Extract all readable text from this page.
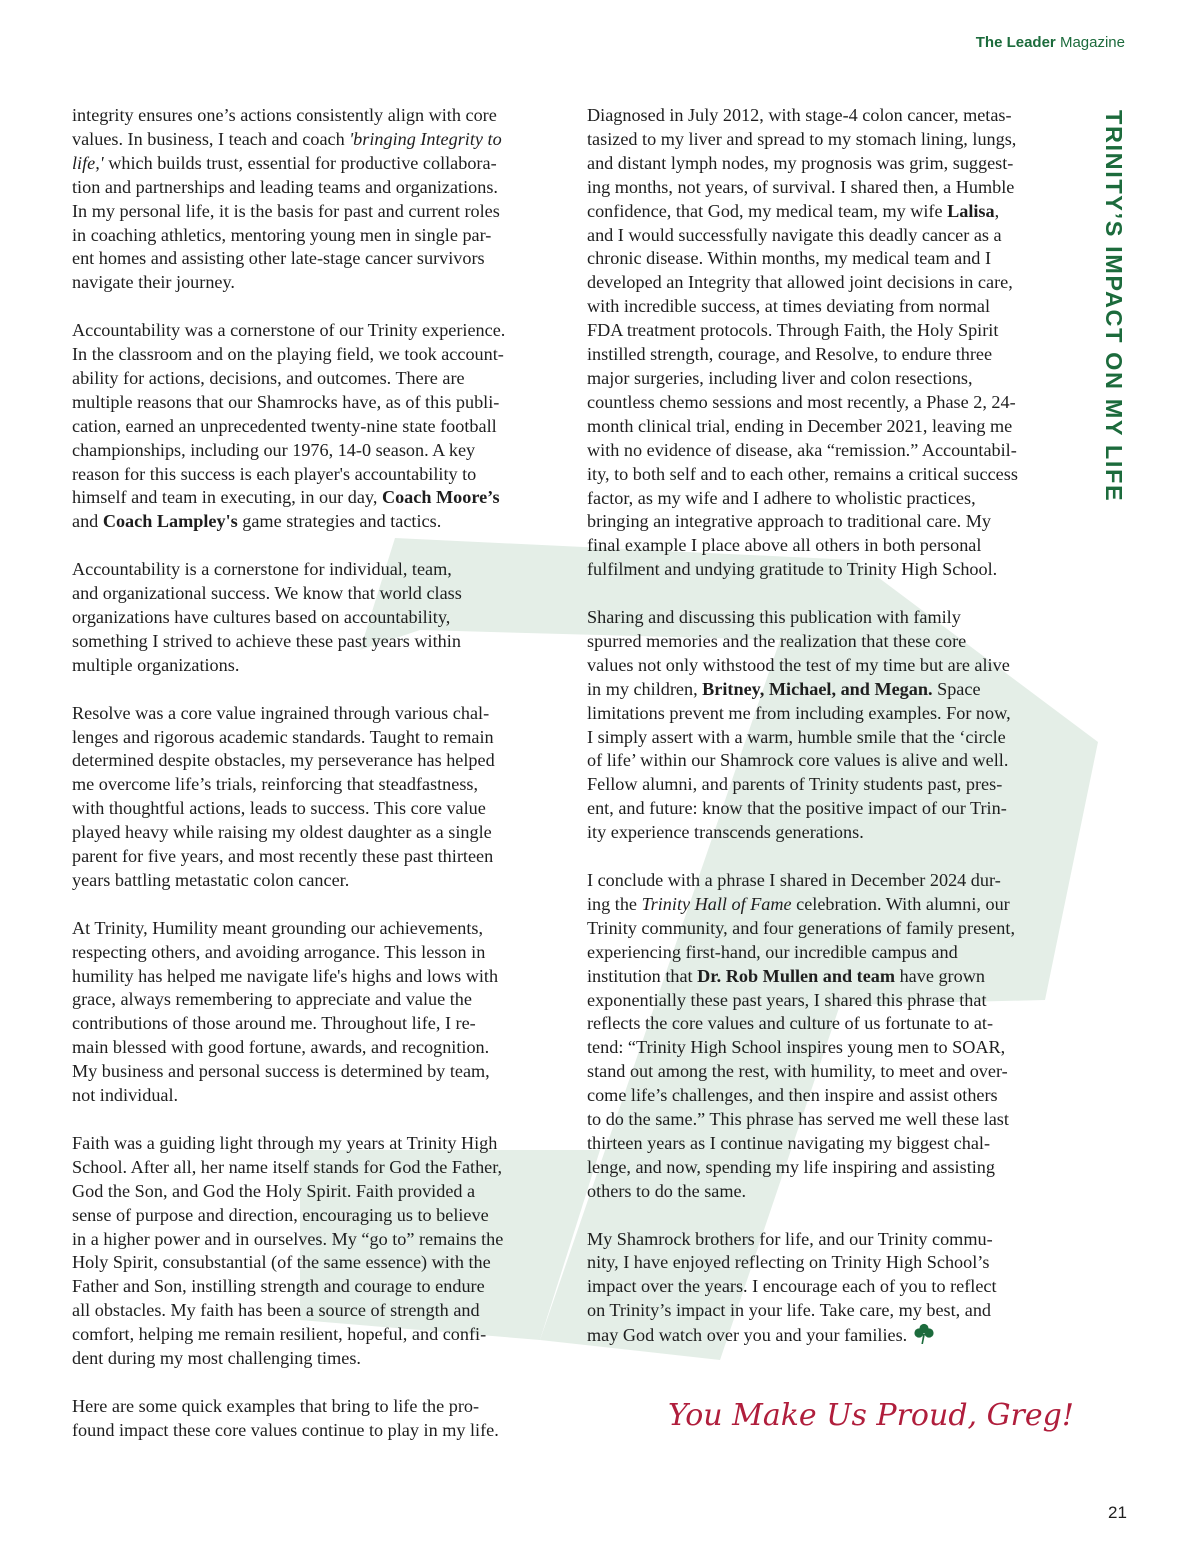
The Leader Magazine

integrity ensures one’s actions consistently align with core
values. In business, I teach and coach 'bringing Integrity to
life,' which builds trust, essential for productive collabora-
tion and partnerships and leading teams and organizations.
In my personal life, it is the basis for past and current roles
in coaching athletics, mentoring young men in single par-
ent homes and assisting other late-stage cancer survivors
navigate their journey.

Accountability was a cornerstone of our Trinity experience.
In the classroom and on the playing field, we took account-
ability for actions, decisions, and outcomes. There are
multiple reasons that our Shamrocks have, as of this publi-
cation, earned an unprecedented twenty-nine state football
championships, including our 1976, 14-0 season. A key
reason for this success is each player's accountability to
himself and team in executing, in our day, Coach Moore’s
and Coach Lampley's game strategies and tactics.

Accountability is a cornerstone for individual, team,
and organizational success. We know that world class
organizations have cultures based on accountability,
something I strived to achieve these past years within
multiple organizations.

Resolve was a core value ingrained through various chal-
lenges and rigorous academic standards. Taught to remain
determined despite obstacles, my perseverance has helped
me overcome life’s trials, reinforcing that steadfastness,
with thoughtful actions, leads to success. This core value
played heavy while raising my oldest daughter as a single
parent for five years, and most recently these past thirteen
years battling metastatic colon cancer.

At Trinity, Humility meant grounding our achievements,
respecting others, and avoiding arrogance. This lesson in
humility has helped me navigate life's highs and lows with
grace, always remembering to appreciate and value the
contributions of those around me. Throughout life, I re-
main blessed with good fortune, awards, and recognition.
My business and personal success is determined by team,
not individual.

Faith was a guiding light through my years at Trinity High
School. After all, her name itself stands for God the Father,
God the Son, and God the Holy Spirit. Faith provided a
sense of purpose and direction, encouraging us to believe
in a higher power and in ourselves. My “go to” remains the
Holy Spirit, consubstantial (of the same essence) with the
Father and Son, instilling strength and courage to endure
all obstacles. My faith has been a source of strength and
comfort, helping me remain resilient, hopeful, and confi-
dent during my most challenging times.

Here are some quick examples that bring to life the pro-
found impact these core values continue to play in my life.

Diagnosed in July 2012, with stage-4 colon cancer, metas-
tasized to my liver and spread to my stomach lining, lungs,
and distant lymph nodes, my prognosis was grim, suggest-
ing months, not years, of survival. I shared then, a Humble
confidence, that God, my medical team, my wife Lalisa,
and I would successfully navigate this deadly cancer as a
chronic disease. Within months, my medical team and I
developed an Integrity that allowed joint decisions in care,
with incredible success, at times deviating from normal
FDA treatment protocols. Through Faith, the Holy Spirit
instilled strength, courage, and Resolve, to endure three
major surgeries, including liver and colon resections,
countless chemo sessions and most recently, a Phase 2, 24-
month clinical trial, ending in December 2021, leaving me
with no evidence of disease, aka “remission.” Accountabil-
ity, to both self and to each other, remains a critical success
factor, as my wife and I adhere to wholistic practices,
bringing an integrative approach to traditional care. My
final example I place above all others in both personal
fulfilment and undying gratitude to Trinity High School.

Sharing and discussing this publication with family
spurred memories and the realization that these core
values not only withstood the test of my time but are alive
in my children, Britney, Michael, and Megan. Space
limitations prevent me from including examples. For now,
I simply assert with a warm, humble smile that the ‘circle
of life’ within our Shamrock core values is alive and well.
Fellow alumni, and parents of Trinity students past, pres-
ent, and future: know that the positive impact of our Trin-
ity experience transcends generations.

I conclude with a phrase I shared in December 2024 dur-
ing the Trinity Hall of Fame celebration. With alumni, our
Trinity community, and four generations of family present,
experiencing first-hand, our incredible campus and
institution that Dr. Rob Mullen and team have grown
exponentially these past years, I shared this phrase that
reflects the core values and culture of us fortunate to at-
tend: “Trinity High School inspires young men to SOAR,
stand out among the rest, with humility, to meet and over-
come life’s challenges, and then inspire and assist others
to do the same.” This phrase has served me well these last
thirteen years as I continue navigating my biggest chal-
lenge, and now, spending my life inspiring and assisting
others to do the same.

My Shamrock brothers for life, and our Trinity commu-
nity, I have enjoyed reflecting on Trinity High School’s
impact over the years. I encourage each of you to reflect
on Trinity’s impact in your life. Take care, my best, and
may God watch over you and your families.

TRINITY’S IMPACT ON MY LIFE
You Make Us Proud, Greg!
21
